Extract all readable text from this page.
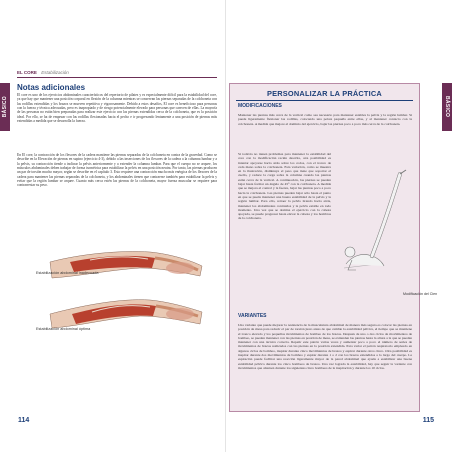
BÁSICO
EL CORE Estabilización
Notas adicionales

El core es uno de los ejercicios abdominales característicos del repertorio de pilates y es especialmente difícil para la estabilidad del core, ya que hay que mantener una posición corporal en flexión de la columna mientras se conservan las piernas separadas de la colchoneta con las rodillas extendidas y los brazos se mueven repetitiva y vigorosamente. Debido a estos desafíos, El core es beneficioso para personas con la fuerza y técnica adecuadas, pero es inapropiado y de riesgo potencialmente elevado para personas que carecen de ellas. La mayoría de las personas no están bien preparadas para realizar este ejercicio con las piernas extendidas cerca de la colchoneta, que es la posición ideal. Por ello, se ha de empezar con las rodillas flexionadas hacia el pecho e ir progresando lentamente a una posición de piernas más extendidas a medida que se desarrolla la fuerza.

En El core, la contracción de los flexores de la cadera mantiene las piernas separadas de la colchoneta en contra de la gravedad. Como se describe en la Elevación de piernas en supino (ejercicio 4-3), debido a las inserciones de los flexores de la cadera a la columna lumbar y a la pelvis, su contracción tiende a inclinar la pelvis anteriormente y a extender la columna lumbar. Para que el cuerpo no se arquee, los músculos abdominales deben trabajar de forma isométrica para estabilizar la pelvis en una posición neutra. Por tanto, las piernas producen un par de torsión mucho mayor, según se describe en el capítulo 3. Esto requiere una contracción mucho más enérgica de los flexores de la cadera para mantener las piernas separadas de la colchoneta, y los abdominales tienen que contraerse también para estabilizar la pelvis y evitar que la región lumbar se arquee. Cuanto más cerca estén las piernas de la colchoneta, mayor fuerza muscular se requiere para contrarrestar su peso.

Estabilización abdominal inadecuada
Estabilización abdominal óptima
114
BÁSICO
115
PERSONALIZAR LA PRÁCTICA
MODIFICACIONES

Mantener las piernas más cerca de la vertical como sea necesario para mantener estables la pelvis y la región lumbar. Si puede ligeramente flexionar las rodillas, colocando una pelota pequeña entre ellas, y al mantener contacto con la colchoneta. A medida que mejore el dominio del ejercicio, bajar las piernas poco a poco más cerca de la colchoneta.

Si todavía no tienen problemas para mantener la estabilidad del core con la modificación recién descrita, otra posibilidad es intentar apoyarse hacia atrás sobre los codos, con el tronco de cada mano sobre la colchoneta. Esta variación, como se muestra en la ilustración, disminuye el peso que tiene que soportar el cuello, y reduce la carga sobre la columna cuando las piernas están cerca de la vertical. A continuación, las piernas se pueden bajar hasta formar un ángulo de 45° con la colchoneta. A medida que se mejora el control y la fuerza, bajar las piernas poco a poco hacia la colchoneta. Las piernas pueden bajar sólo hasta el punto en que se pueda mantener una buena estabilidad de la pelvis y la región lumbar. Para ello, retraer la pelvis tirando hacia atrás, mantener los abdominales contraídos y la pelvis estable en todo momento. Una vez que se domina el ejercicio con la cabeza apoyada, se puede progresar hasta elevar la cabeza y los hombros de la colchoneta.

Modificación del Cien
VARIANTES

Una variante que puede mejorar la resistencia de la musculatura abdominal de manera más segura es colocar las piernas en posición de mesa para reducir el par de torsión justo antes de que cambie la estabilidad pélvica, el tiempo que se mantiene el tronco elevado y los pequeños movimientos de bombeo de los brazos. Después de uno o dos ciclos de movimientos de bombeo, se pueden mantener con las piernas en posición de mesa, se extienden las piernas hasta la altura a la que se puedan mantener con una técnica correcta. Repetir este patrón varias veces y aumentar poco a poco el número de series de movimientos de brazos realizados con las piernas en la posición extendida. Para variar el patrón respiratorio empleado en algunos ciclos de bombeo, inspirar durante cinco movimientos de brazos y espirar durante otros cinco. Otra posibilidad es inspirar durante dos movimientos de bombeo y espirar durante 1 o 2 con los brazos extendidos a lo largo del cuerpo. La espiración puede facilitar una reacción ligeramente mayor de la pared abdominal que ayuda a estabilizar una buena estabilidad pélvica durante los cinco bombeos de brazos. Una vez lograda la estabilidad, hay que seguir la variante con movimientos que alternen durante los siguientes cinco bombeos de la inspiración y durante los 10 ciclos.
